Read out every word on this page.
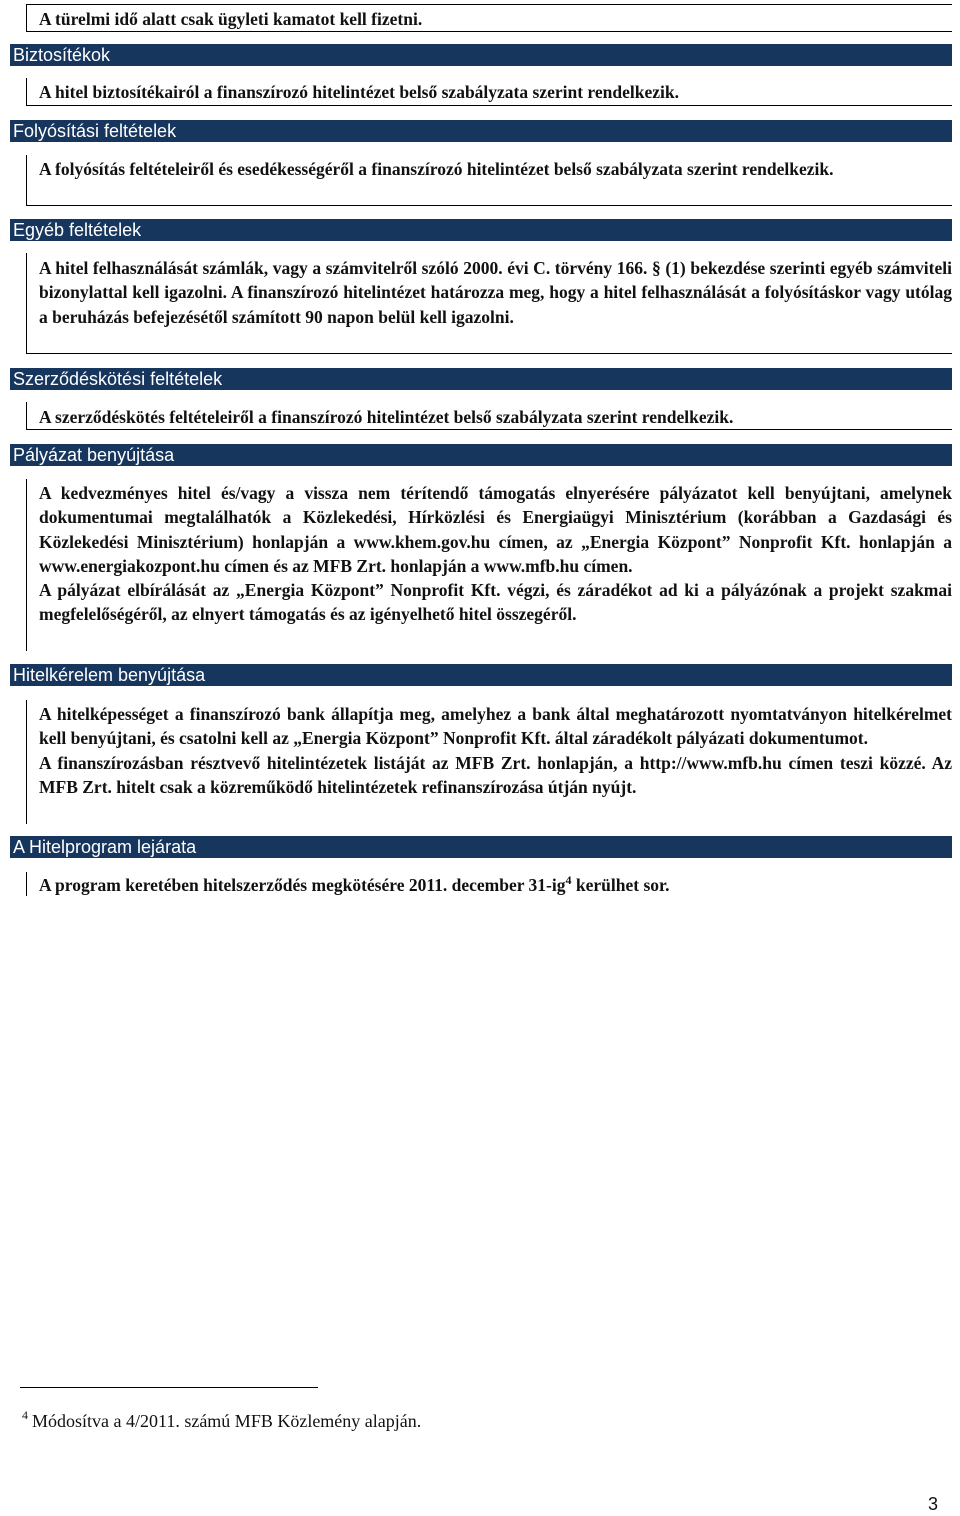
A türelmi idő alatt csak ügyleti kamatot kell fizetni.

Biztosítékok

A hitel biztosítékairól a finanszírozó hitelintézet belső szabályzata szerint rendelkezik.

Folyósítási feltételek

A folyósítás feltételeiről és esedékességéről a finanszírozó hitelintézet belső szabályzata szerint rendelkezik.

Egyéb feltételek

A hitel felhasználását számlák, vagy a számvitelről szóló 2000. évi C. törvény 166. § (1) bekezdése szerinti egyéb számviteli bizonylattal kell igazolni. A finanszírozó hitelintézet határozza meg, hogy a hitel felhasználását a folyósításkor vagy utólag a beruházás befejezésétől számított 90 napon belül kell igazolni.

Szerződéskötési feltételek

A szerződéskötés feltételeiről a finanszírozó hitelintézet belső szabályzata szerint rendelkezik.

Pályázat benyújtása

A kedvezményes hitel és/vagy a vissza nem térítendő támogatás elnyerésére pályázatot kell benyújtani, amelynek dokumentumai megtalálhatók a Közlekedési, Hírközlési és Energiaügyi Minisztérium (korábban a Gazdasági és Közlekedési Minisztérium) honlapján a www.khem.gov.hu címen, az „Energia Központ” Nonprofit Kft. honlapján a www.energiakozpont.hu címen és az MFB Zrt. honlapján a www.mfb.hu címen.

A pályázat elbírálását az „Energia Központ” Nonprofit Kft. végzi, és záradékot ad ki a pályázónak a projekt szakmai megfelelőségéről, az elnyert támogatás és az igényelhető hitel összegéről.

Hitelkérelem benyújtása

A hitelképességet a finanszírozó bank állapítja meg, amelyhez a bank által meghatározott nyomtatványon hitelkérelmet kell benyújtani, és csatolni kell az „Energia Központ” Nonprofit Kft. által záradékolt pályázati dokumentumot.

A finanszírozásban résztvevő hitelintézetek listáját az MFB Zrt. honlapján, a http://www.mfb.hu címen teszi közzé. Az MFB Zrt. hitelt csak a közreműködő hitelintézetek refinanszírozása útján nyújt.

A Hitelprogram lejárata

A program keretében hitelszerződés megkötésére 2011. december 31-ig$^4$ kerülhet sor.

$^4$ Módosítva a 4/2011. számú MFB Közlemény alapján.
3
